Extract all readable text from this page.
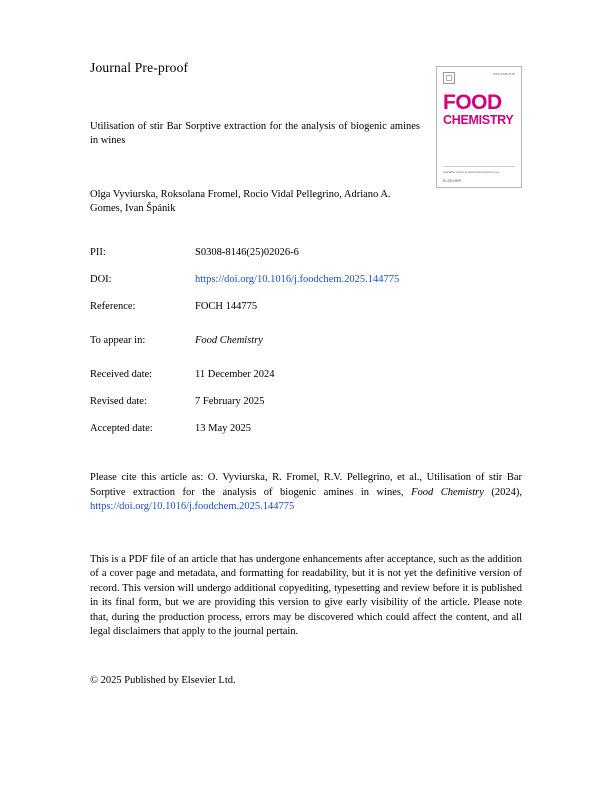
Journal Pre-proof	ISSN 0308-8146
FOOD
CHEMISTRY
Available online at www.sciencedirect.com
ELSEVIER
Utilisation of stir Bar Sorptive extraction for the analysis of biogenic amines in wines
Olga Vyviurska, Roksolana Fromel, Rocio Vidal Pellegrino, Adriano A. Gomes, Ivan Špánik
PII:	S0308-8146(25)02026-6
DOI:	https://doi.org/10.1016/j.foodchem.2025.144775
Reference:	FOCH 144775
To appear in:	Food Chemistry
Received date:	11 December 2024
Revised date:	7 February 2025
Accepted date:	13 May 2025
Please cite this article as: O. Vyviurska, R. Fromel, R.V. Pellegrino, et al., Utilisation of stir Bar Sorptive extraction for the analysis of biogenic amines in wines, Food Chemistry (2024), https://doi.org/10.1016/j.foodchem.2025.144775
This is a PDF file of an article that has undergone enhancements after acceptance, such as the addition of a cover page and metadata, and formatting for readability, but it is not yet the definitive version of record. This version will undergo additional copyediting, typesetting and review before it is published in its final form, but we are providing this version to give early visibility of the article. Please note that, during the production process, errors may be discovered which could affect the content, and all legal disclaimers that apply to the journal pertain.
© 2025 Published by Elsevier Ltd.
